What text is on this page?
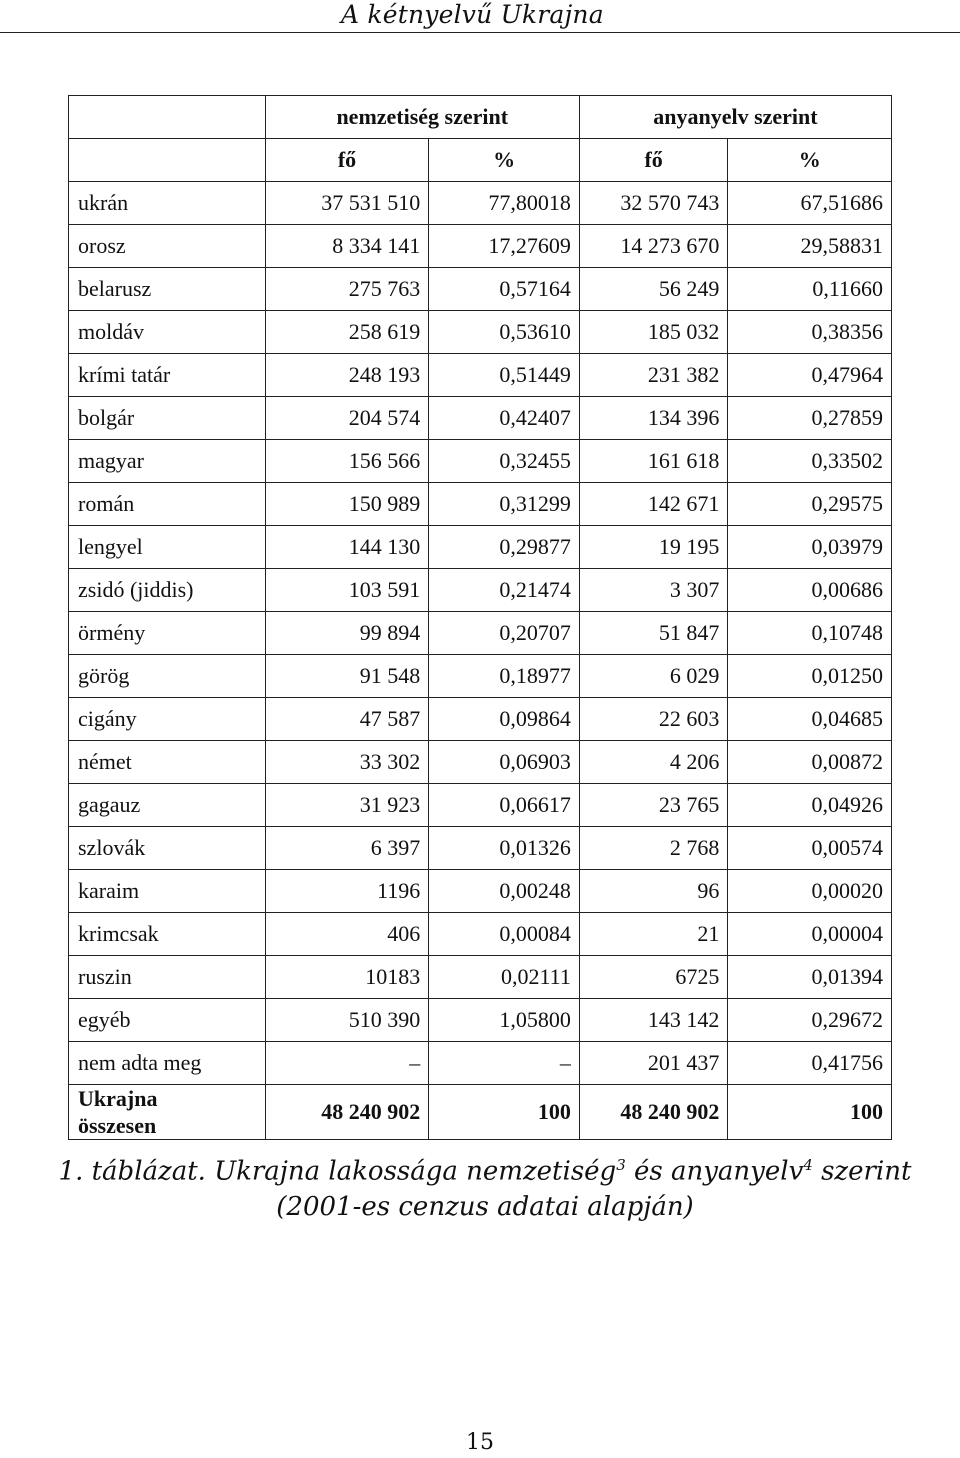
A kétnyelvű Ukrajna
	nemzetiség szerint		anyanyelv szerint	
	fő	%	fő	%
ukrán	37 531 510	77,80018	32 570 743	67,51686
orosz	8 334 141	17,27609	14 273 670	29,58831
belarusz	275 763	0,57164	56 249	0,11660
moldáv	258 619	0,53610	185 032	0,38356
krími tatár	248 193	0,51449	231 382	0,47964
bolgár	204 574	0,42407	134 396	0,27859
magyar	156 566	0,32455	161 618	0,33502
román	150 989	0,31299	142 671	0,29575
lengyel	144 130	0,29877	19 195	0,03979
zsidó (jiddis)	103 591	0,21474	3 307	0,00686
örmény	99 894	0,20707	51 847	0,10748
görög	91 548	0,18977	6 029	0,01250
cigány	47 587	0,09864	22 603	0,04685
német	33 302	0,06903	4 206	0,00872
gagauz	31 923	0,06617	23 765	0,04926
szlovák	6 397	0,01326	2 768	0,00574
karaim	1196	0,00248	96	0,00020
krimcsak	406	0,00084	21	0,00004
ruszin	10183	0,02111	6725	0,01394
egyéb	510 390	1,05800	143 142	0,29672
nem adta meg	–	–	201 437	0,41756
Ukrajna
összesen	48 240 902	100	48 240 902	100
1. táblázat. Ukrajna lakossága nemzetiség$^3$ és anyanyelv$^4$ szerint
(2001-es cenzus adatai alapján)
15
